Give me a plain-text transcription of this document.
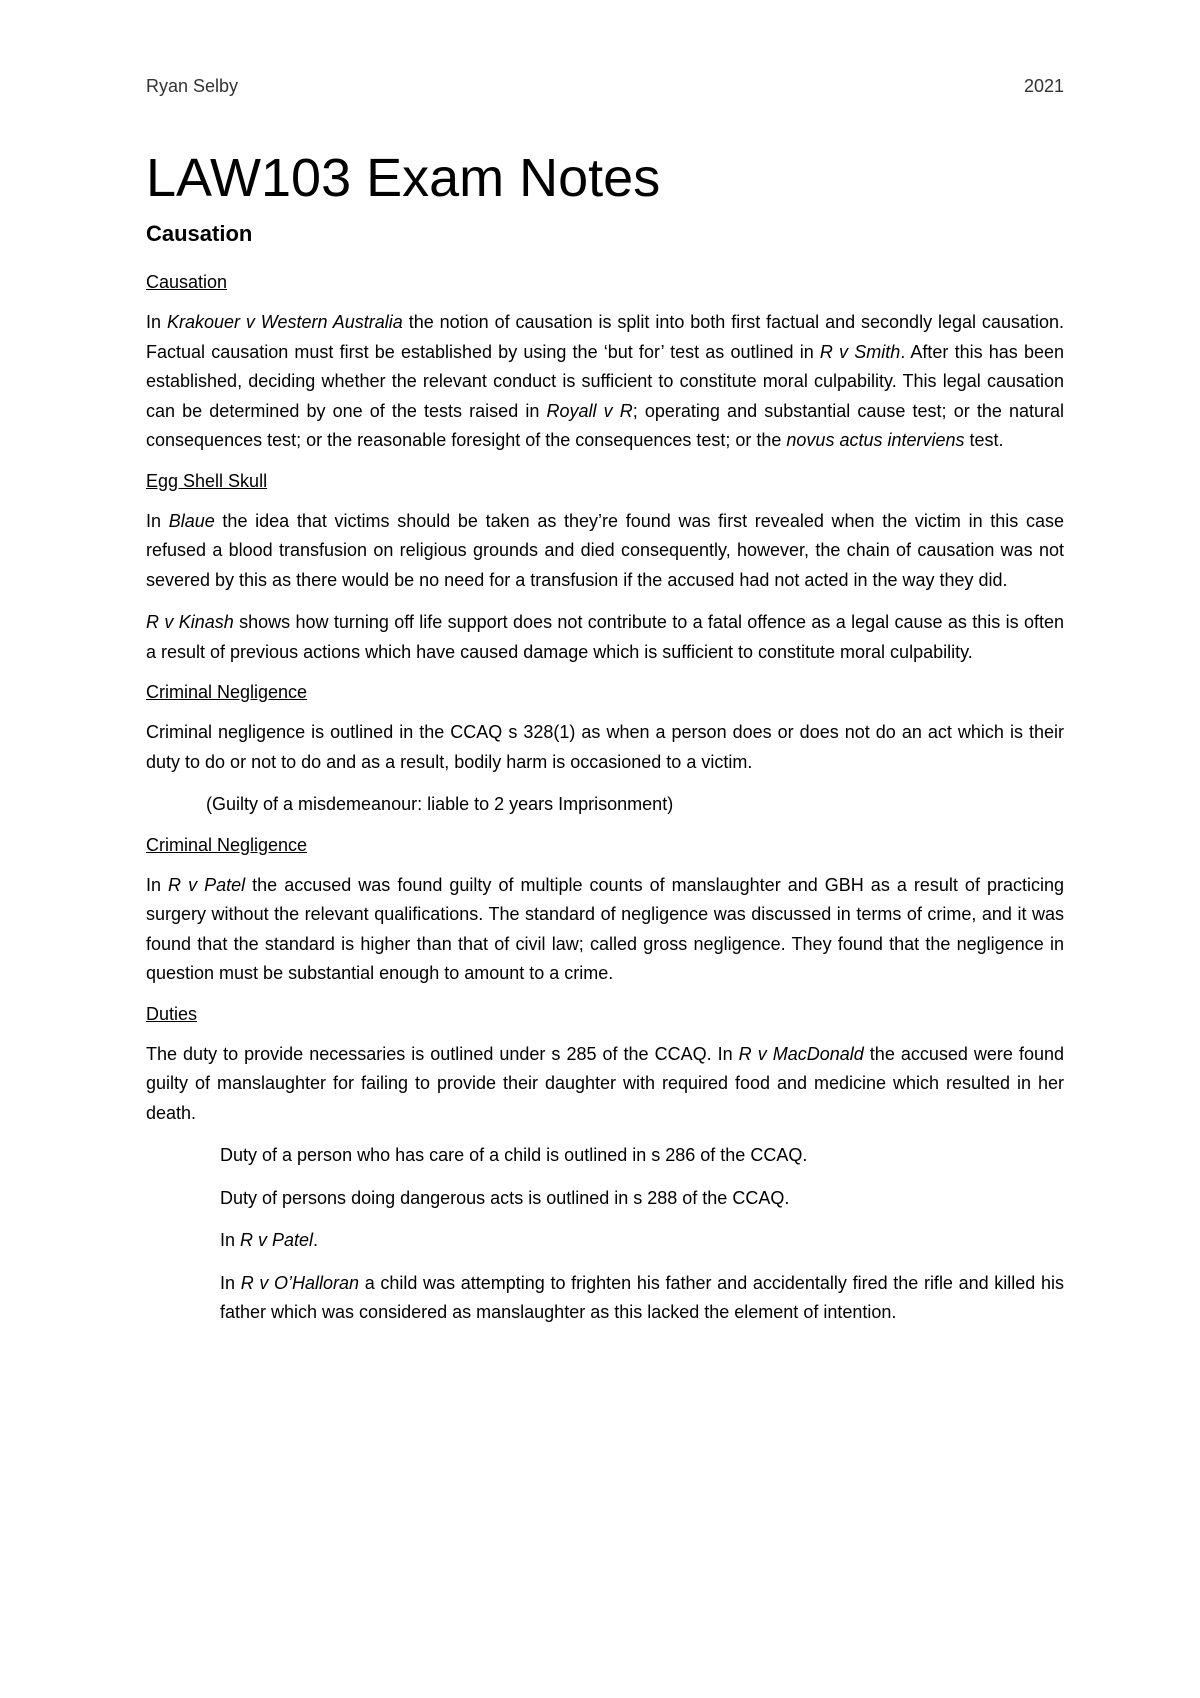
Ryan Selby	2021
LAW103 Exam Notes
Causation
Causation

In Krakouer v Western Australia the notion of causation is split into both first factual and secondly legal causation. Factual causation must first be established by using the ‘but for’ test as outlined in R v Smith. After this has been established, deciding whether the relevant conduct is sufficient to constitute moral culpability. This legal causation can be determined by one of the tests raised in Royall v R; operating and substantial cause test; or the natural consequences test; or the reasonable foresight of the consequences test; or the novus actus interviens test.

Egg Shell Skull

In Blaue the idea that victims should be taken as they’re found was first revealed when the victim in this case refused a blood transfusion on religious grounds and died consequently, however, the chain of causation was not severed by this as there would be no need for a transfusion if the accused had not acted in the way they did.

R v Kinash shows how turning off life support does not contribute to a fatal offence as a legal cause as this is often a result of previous actions which have caused damage which is sufficient to constitute moral culpability.

Criminal Negligence

Criminal negligence is outlined in the CCAQ s 328(1) as when a person does or does not do an act which is their duty to do or not to do and as a result, bodily harm is occasioned to a victim.

(Guilty of a misdemeanour: liable to 2 years Imprisonment)

Criminal Negligence

In R v Patel the accused was found guilty of multiple counts of manslaughter and GBH as a result of practicing surgery without the relevant qualifications. The standard of negligence was discussed in terms of crime, and it was found that the standard is higher than that of civil law; called gross negligence. They found that the negligence in question must be substantial enough to amount to a crime.

Duties

The duty to provide necessaries is outlined under s 285 of the CCAQ. In R v MacDonald the accused were found guilty of manslaughter for failing to provide their daughter with required food and medicine which resulted in her death.

Duty of a person who has care of a child is outlined in s 286 of the CCAQ.

Duty of persons doing dangerous acts is outlined in s 288 of the CCAQ.

In R v Patel.

In R v O’Halloran a child was attempting to frighten his father and accidentally fired the rifle and killed his father which was considered as manslaughter as this lacked the element of intention.
